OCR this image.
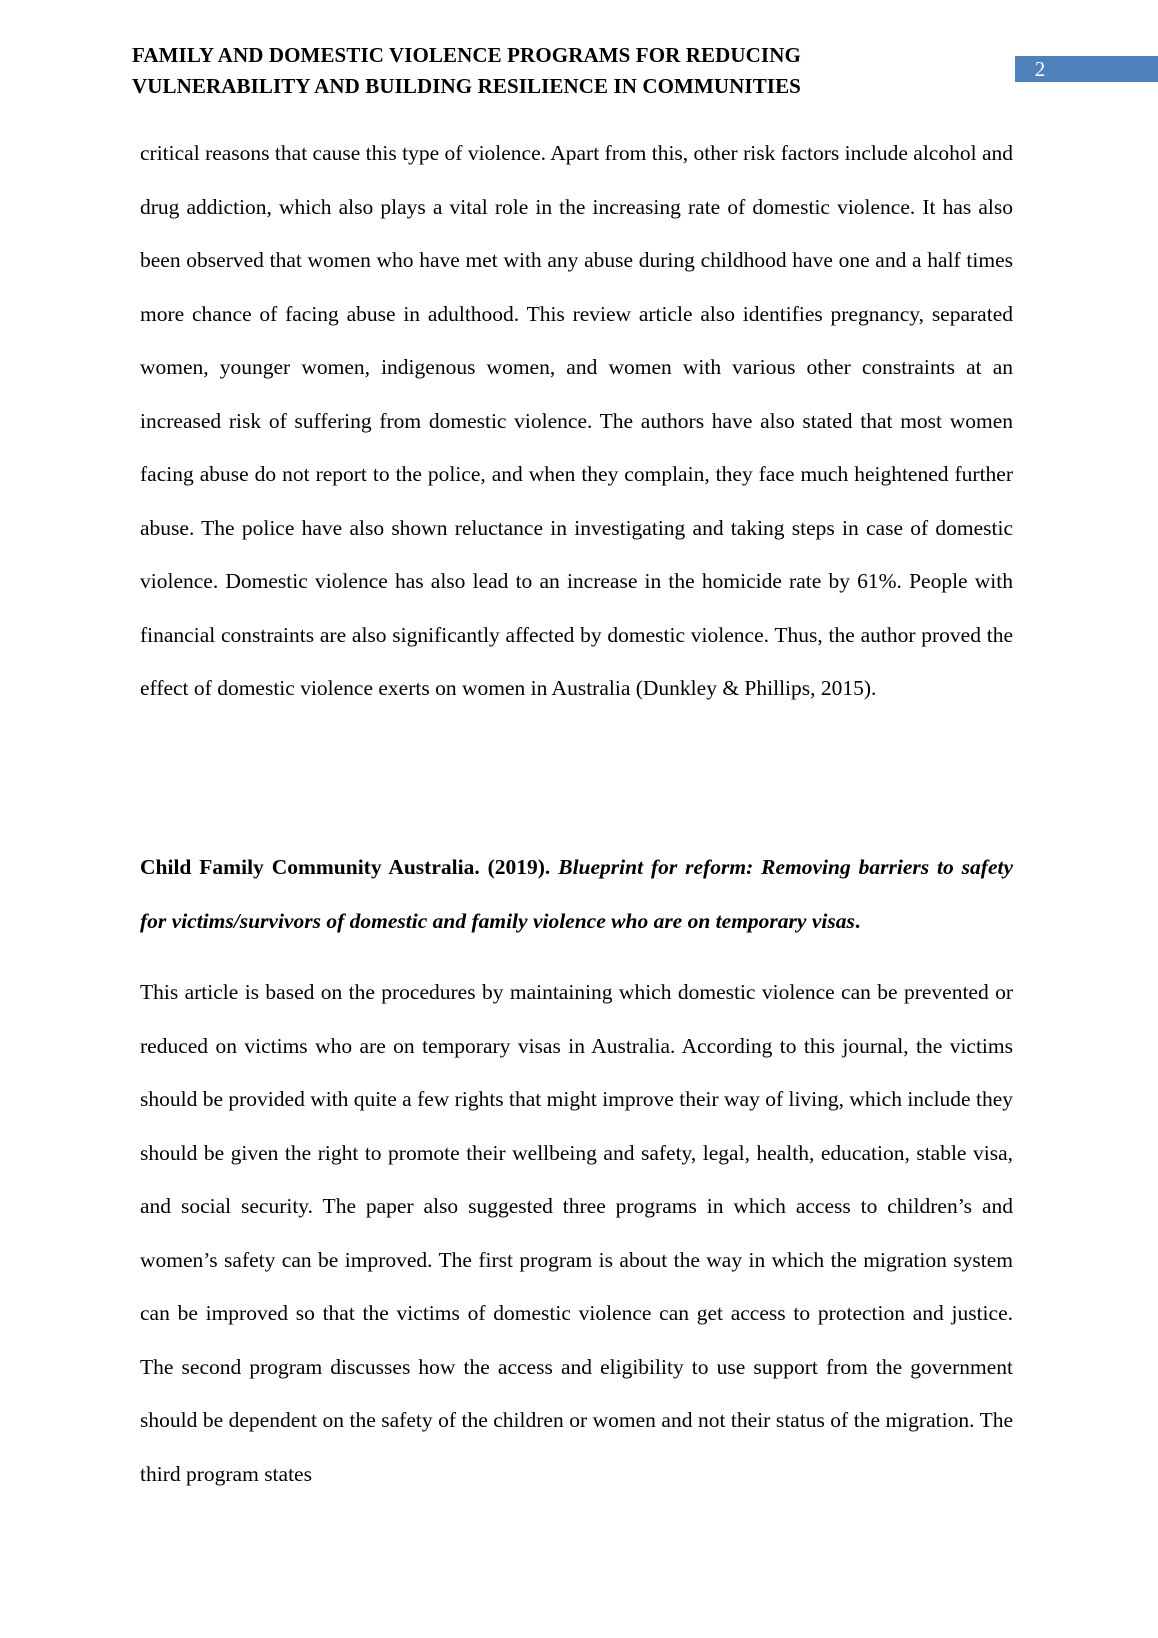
FAMILY AND DOMESTIC VIOLENCE PROGRAMS FOR REDUCING
VULNERABILITY AND BUILDING RESILIENCE IN COMMUNITIES
2

critical reasons that cause this type of violence. Apart from this, other risk factors include alcohol and drug addiction, which also plays a vital role in the increasing rate of domestic violence. It has also been observed that women who have met with any abuse during childhood have one and a half times more chance of facing abuse in adulthood. This review article also identifies pregnancy, separated women, younger women, indigenous women, and women with various other constraints at an increased risk of suffering from domestic violence. The authors have also stated that most women facing abuse do not report to the police, and when they complain, they face much heightened further abuse. The police have also shown reluctance in investigating and taking steps in case of domestic violence. Domestic violence has also lead to an increase in the homicide rate by 61%. People with financial constraints are also significantly affected by domestic violence. Thus, the author proved the effect of domestic violence exerts on women in Australia (Dunkley & Phillips, 2015).

Child Family Community Australia. (2019). Blueprint for reform: Removing barriers to safety for victims/survivors of domestic and family violence who are on temporary visas.

This article is based on the procedures by maintaining which domestic violence can be prevented or reduced on victims who are on temporary visas in Australia. According to this journal, the victims should be provided with quite a few rights that might improve their way of living, which include they should be given the right to promote their wellbeing and safety, legal, health, education, stable visa, and social security. The paper also suggested three programs in which access to children’s and women’s safety can be improved. The first program is about the way in which the migration system can be improved so that the victims of domestic violence can get access to protection and justice. The second program discusses how the access and eligibility to use support from the government should be dependent on the safety of the children or women and not their status of the migration. The third program states
